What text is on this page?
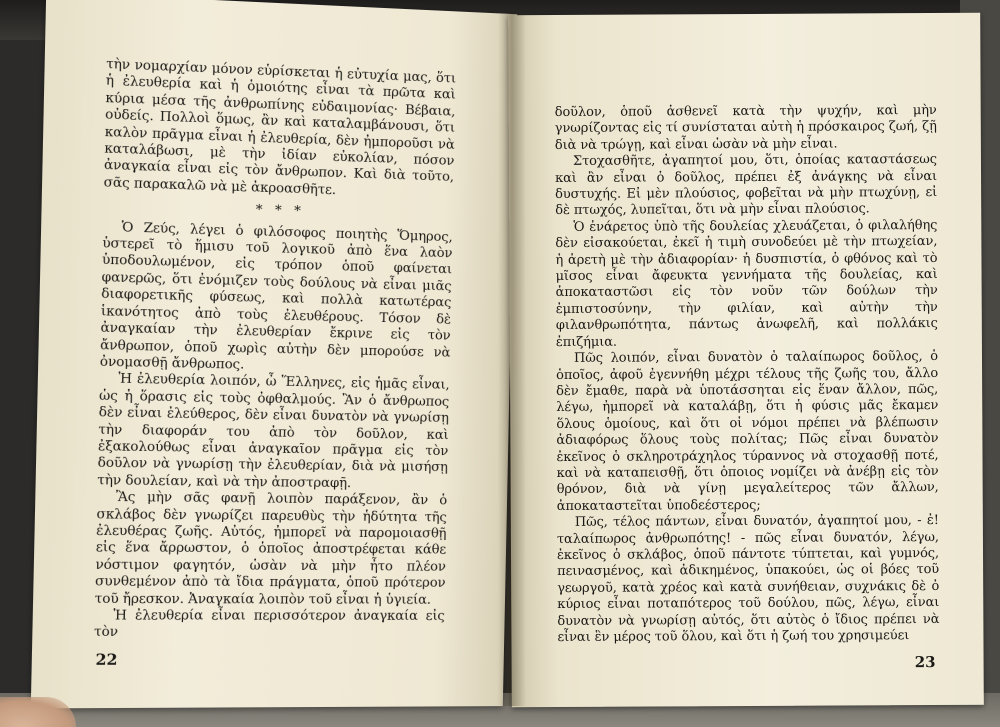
τὴν νομαρχίαν μόνον εὑρίσκεται ἡ εὐτυχία μας, ὅτι ἡ ἐλευθερία καὶ ἡ ὁμοιότης εἶναι τὰ πρῶτα καὶ κύρια μέσα τῆς ἀνθρωπίνης εὐδαιμονίας· Βέβαια, οὐδείς. Πολλοὶ ὅμως, ἂν καὶ καταλαμβάνουσι, ὅτι καλὸν πρᾶγμα εἶναι ἡ ἐλευθερία, δὲν ἠμποροῦσι νὰ καταλάβωσι, μὲ τὴν ἰδίαν εὐκολίαν, πόσον ἀναγκαία εἶναι εἰς τὸν ἄνθρωπον. Καὶ διὰ τοῦτο, σᾶς παρακαλῶ νὰ μὲ ἀκροασθῆτε.

* * *

Ὁ Ζεύς, λέγει ὁ φιλόσοφος ποιητὴς Ὅμηρος, ὑστερεῖ τὸ ἥμισυ τοῦ λογικοῦ ἀπὸ ἕνα λαὸν ὑποδουλωμένον, εἰς τρόπον ὁποῦ φαίνεται φανερῶς, ὅτι ἐνόμιζεν τοὺς δούλους νὰ εἶναι μιᾶς διαφορετικῆς φύσεως, καὶ πολλὰ κατωτέρας ἱκανότητος ἀπὸ τοὺς ἐλευθέρους. Τόσον δὲ ἀναγκαίαν τὴν ἐλευθερίαν ἔκρινε εἰς τὸν ἄνθρωπον, ὁποῦ χωρὶς αὐτὴν δὲν μπορούσε νὰ ὀνομασθῇ ἄνθρωπος.

Ἡ ἐλευθερία λοιπόν, ὦ Ἕλληνες, εἰς ἡμᾶς εἶναι, ὡς ἡ ὅρασις εἰς τοὺς ὀφθαλμούς. Ἂν ὁ ἄνθρωπος δὲν εἶναι ἐλεύθερος, δὲν εἶναι δυνατὸν νὰ γνωρίσῃ τὴν διαφοράν του ἀπὸ τὸν δοῦλον, καὶ ἐξακολούθως εἶναι ἀναγκαῖον πρᾶγμα εἰς τὸν δοῦλον νὰ γνωρίσῃ τὴν ἐλευθερίαν, διὰ νὰ μισήσῃ τὴν δουλείαν, καὶ νὰ τὴν ἀποστραφῇ.

Ἂς μὴν σᾶς φανῇ λοιπὸν παράξενον, ἂν ὁ σκλάβος δὲν γνωρίζει παρευθὺς τὴν ἡδύτητα τῆς ἐλευθέρας ζωῆς. Αὐτός, ἠμπορεῖ νὰ παρομοιασθῇ εἰς ἕνα ἄρρωστον, ὁ ὁποῖος ἀποστρέφεται κάθε νόστιμον φαγητόν, ὡσὰν νὰ μὴν ἦτο πλέον συνθεμένον ἀπὸ τὰ ἴδια πράγματα, ὁποῦ πρότερον τοῦ ἤρεσκον. Ἀναγκαία λοιπὸν τοῦ εἶναι ἡ ὑγιεία.

Ἡ ἐλευθερία εἶναι περισσότερον ἀναγκαία εἰς τὸν

22

δοῦλον, ὁποῦ ἀσθενεῖ κατὰ τὴν ψυχήν, καὶ μὴν γνωρίζοντας εἰς τί συνίσταται αὐτὴ ἡ πρόσκαιρος ζωή, ζῇ διὰ νὰ τρώγῃ, καὶ εἶναι ὡσὰν νὰ μὴν εἶναι.

Στοχασθῆτε, ἀγαπητοί μου, ὅτι, ὁποίας καταστάσεως καὶ ἂν εἶναι ὁ δοῦλος, πρέπει ἐξ ἀνάγκης νὰ εἶναι δυστυχής. Εἰ μὲν πλούσιος, φοβεῖται νὰ μὴν πτωχύνῃ, εἰ δὲ πτωχός, λυπεῖται, ὅτι νὰ μὴν εἶναι πλούσιος.

Ὁ ἐνάρετος ὑπὸ τῆς δουλείας χλευάζεται, ὁ φιλαλήθης δὲν εἰσακούεται, ἐκεῖ ἡ τιμὴ συνοδεύει μὲ τὴν πτωχείαν, ἡ ἀρετὴ μὲ τὴν ἀδιαφορίαν· ἡ δυσπιστία, ὁ φθόνος καὶ τὸ μῖσος εἶναι ἄφευκτα γεννήματα τῆς δουλείας, καὶ ἀποκαταστῶσι εἰς τὸν νοῦν τῶν δούλων τὴν ἐμπιστοσύνην, τὴν φιλίαν, καὶ αὐτὴν τὴν φιλανθρωπότητα, πάντως ἀνωφελῆ, καὶ πολλάκις ἐπιζήμια.

Πῶς λοιπόν, εἶναι δυνατὸν ὁ ταλαίπωρος δοῦλος, ὁ ὁποῖος, ἀφοῦ ἐγεννήθη μέχρι τέλους τῆς ζωῆς του, ἄλλο δὲν ἔμαθε, παρὰ νὰ ὑποτάσσηται εἰς ἕναν ἄλλον, πῶς, λέγω, ἠμπορεῖ νὰ καταλάβῃ, ὅτι ἡ φύσις μᾶς ἔκαμεν ὅλους ὁμοίους, καὶ ὅτι οἱ νόμοι πρέπει νὰ βλέπωσιν ἀδιαφόρως ὅλους τοὺς πολίτας; Πῶς εἶναι δυνατὸν ἐκεῖνος ὁ σκληροτράχηλος τύραννος νὰ στοχασθῇ ποτέ, καὶ νὰ καταπεισθῇ, ὅτι ὁποιος νομίζει νὰ ἀνέβῃ εἰς τὸν θρόνον, διὰ νὰ γίνῃ μεγαλείτερος τῶν ἄλλων, ἀποκαταστεῖται ὑποδεέστερος;

Πῶς, τέλος πάντων, εἶναι δυνατόν, ἀγαπητοί μου, - ἐ! ταλαίπωρος ἀνθρωπότης! - πῶς εἶναι δυνατόν, λέγω, ἐκεῖνος ὁ σκλάβος, ὁποῦ πάντοτε τύπτεται, καὶ γυμνός, πεινασμένος, καὶ ἀδικημένος, ὑπακούει, ὡς οἱ βόες τοῦ γεωργοῦ, κατὰ χρέος καὶ κατὰ συνήθειαν, συχνάκις δὲ ὁ κύριος εἶναι ποταπότερος τοῦ δούλου, πῶς, λέγω, εἶναι δυνατὸν νὰ γνωρίσῃ αὐτός, ὅτι αὐτὸς ὁ ἴδιος πρέπει νὰ εἶναι ἓν μέρος τοῦ ὅλου, καὶ ὅτι ἡ ζωή του χρησιμεύει

23
